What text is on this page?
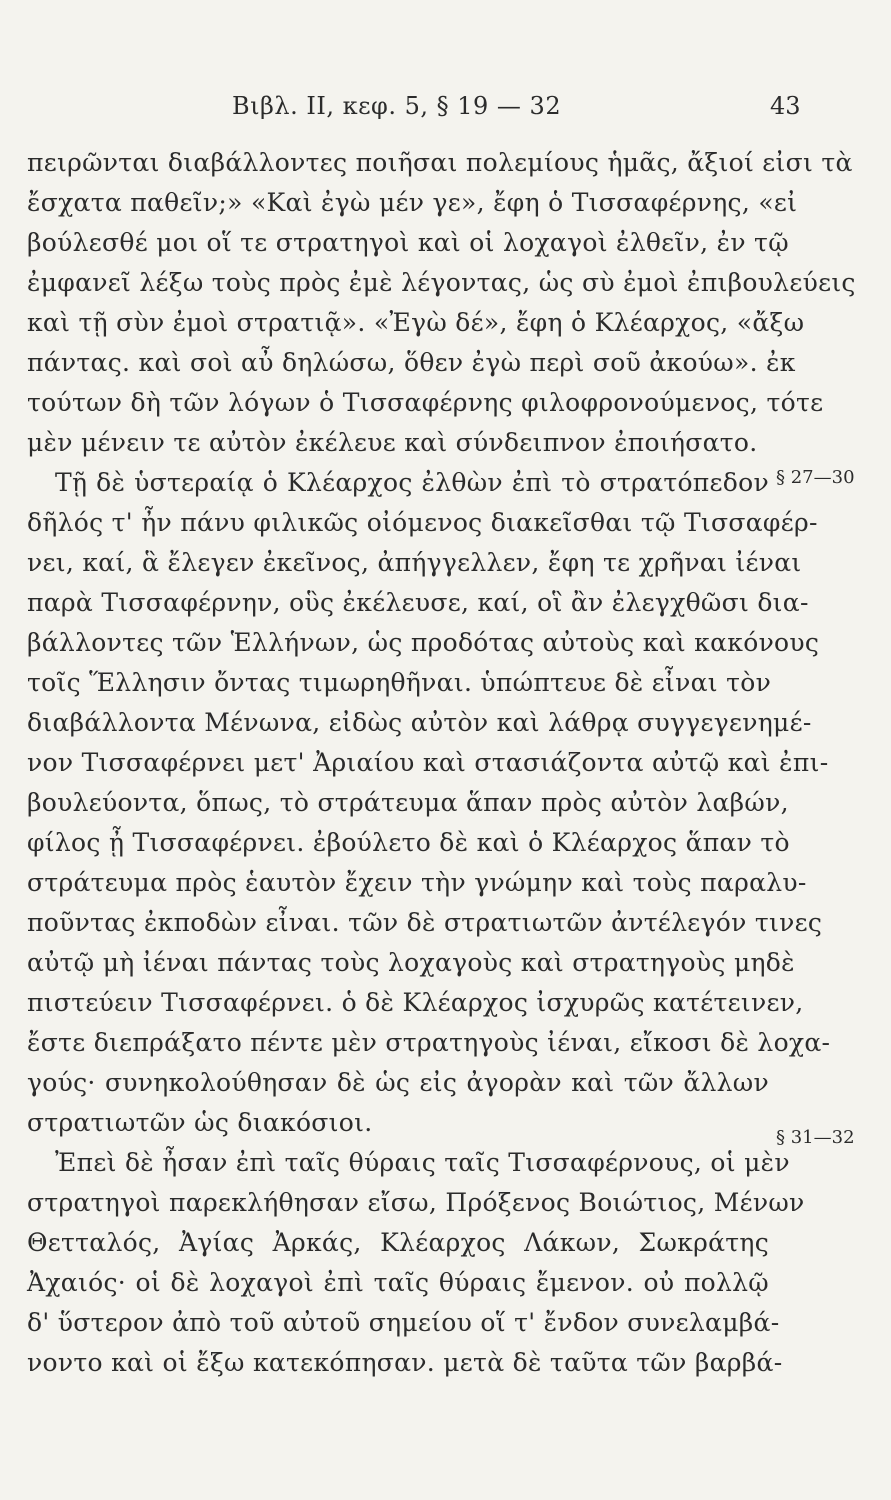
Βιβλ. II, κεφ. 5, § 19 — 32	43
πειρῶνται διαβάλλοντες ποιῆσαι πολεμίους ἡμᾶς, ἄξιοί εἰσι τὰ
ἔσχατα παθεῖν;» «Καὶ ἐγὼ μέν γε», ἔφη ὁ Τισσαφέρνης, «εἰ
βούλεσθέ μοι οἵ τε στρατηγοὶ καὶ οἱ λοχαγοὶ ἐλθεῖν, ἐν τῷ
ἐμφανεῖ λέξω τοὺς πρὸς ἐμὲ λέγοντας, ὡς σὺ ἐμοὶ ἐπιβουλεύεις
καὶ τῇ σὺν ἐμοὶ στρατιᾷ». «Ἐγὼ δέ», ἔφη ὁ Κλέαρχος, «ἄξω
πάντας. καὶ σοὶ αὖ δηλώσω, ὅθεν ἐγὼ περὶ σοῦ ἀκούω». ἐκ
τούτων δὴ τῶν λόγων ὁ Τισσαφέρνης φιλοφρονούμενος, τότε
μὲν μένειν τε αὐτὸν ἐκέλευε καὶ σύνδειπνον ἐποιήσατο.
Τῇ δὲ ὑστεραίᾳ ὁ Κλέαρχος ἐλθὼν ἐπὶ τὸ στρατόπεδον
δῆλός τ' ἦν πάνυ φιλικῶς οἰόμενος διακεῖσθαι τῷ Τισσαφέρ-
νει, καί, ἃ ἔλεγεν ἐκεῖνος, ἀπήγγελλεν, ἔφη τε χρῆναι ἰέναι
παρὰ Τισσαφέρνην, οὓς ἐκέλευσε, καί, οἳ ἂν ἐλεγχθῶσι δια-
βάλλοντες τῶν Ἑλλήνων, ὡς προδότας αὐτοὺς καὶ κακόνους
τοῖς Ἕλλησιν ὄντας τιμωρηθῆναι. ὑπώπτευε δὲ εἶναι τὸν
διαβάλλοντα Μένωνα, εἰδὼς αὐτὸν καὶ λάθρᾳ συγγεγενημέ-
νον Τισσαφέρνει μετ' Ἀριαίου καὶ στασιάζοντα αὐτῷ καὶ ἐπι-
βουλεύοντα, ὅπως, τὸ στράτευμα ἅπαν πρὸς αὐτὸν λαβών,
φίλος ᾖ Τισσαφέρνει. ἐβούλετο δὲ καὶ ὁ Κλέαρχος ἅπαν τὸ
στράτευμα πρὸς ἑαυτὸν ἔχειν τὴν γνώμην καὶ τοὺς παραλυ-
ποῦντας ἐκποδὼν εἶναι. τῶν δὲ στρατιωτῶν ἀντέλεγόν τινες
αὐτῷ μὴ ἰέναι πάντας τοὺς λοχαγοὺς καὶ στρατηγοὺς μηδὲ
πιστεύειν Τισσαφέρνει. ὁ δὲ Κλέαρχος ἰσχυρῶς κατέτεινεν,
ἔστε διεπράξατο πέντε μὲν στρατηγοὺς ἰέναι, εἴκοσι δὲ λοχα-
γούς· συνηκολούθησαν δὲ ὡς εἰς ἀγορὰν καὶ τῶν ἄλλων
στρατιωτῶν ὡς διακόσιοι.
Ἐπεὶ δὲ ἦσαν ἐπὶ ταῖς θύραις ταῖς Τισσαφέρνους, οἱ μὲν
στρατηγοὶ παρεκλήθησαν εἴσω, Πρόξενος Βοιώτιος, Μένων
Θετταλός, Ἀγίας Ἀρκάς, Κλέαρχος Λάκων, Σωκράτης
Ἀχαιός· οἱ δὲ λοχαγοὶ ἐπὶ ταῖς θύραις ἔμενον. οὐ πολλῷ
δ' ὕστερον ἀπὸ τοῦ αὐτοῦ σημείου οἵ τ' ἔνδον συνελαμβά-
νοντο καὶ οἱ ἔξω κατεκόπησαν. μετὰ δὲ ταῦτα τῶν βαρβά-
§ 27—30
§ 31—32
